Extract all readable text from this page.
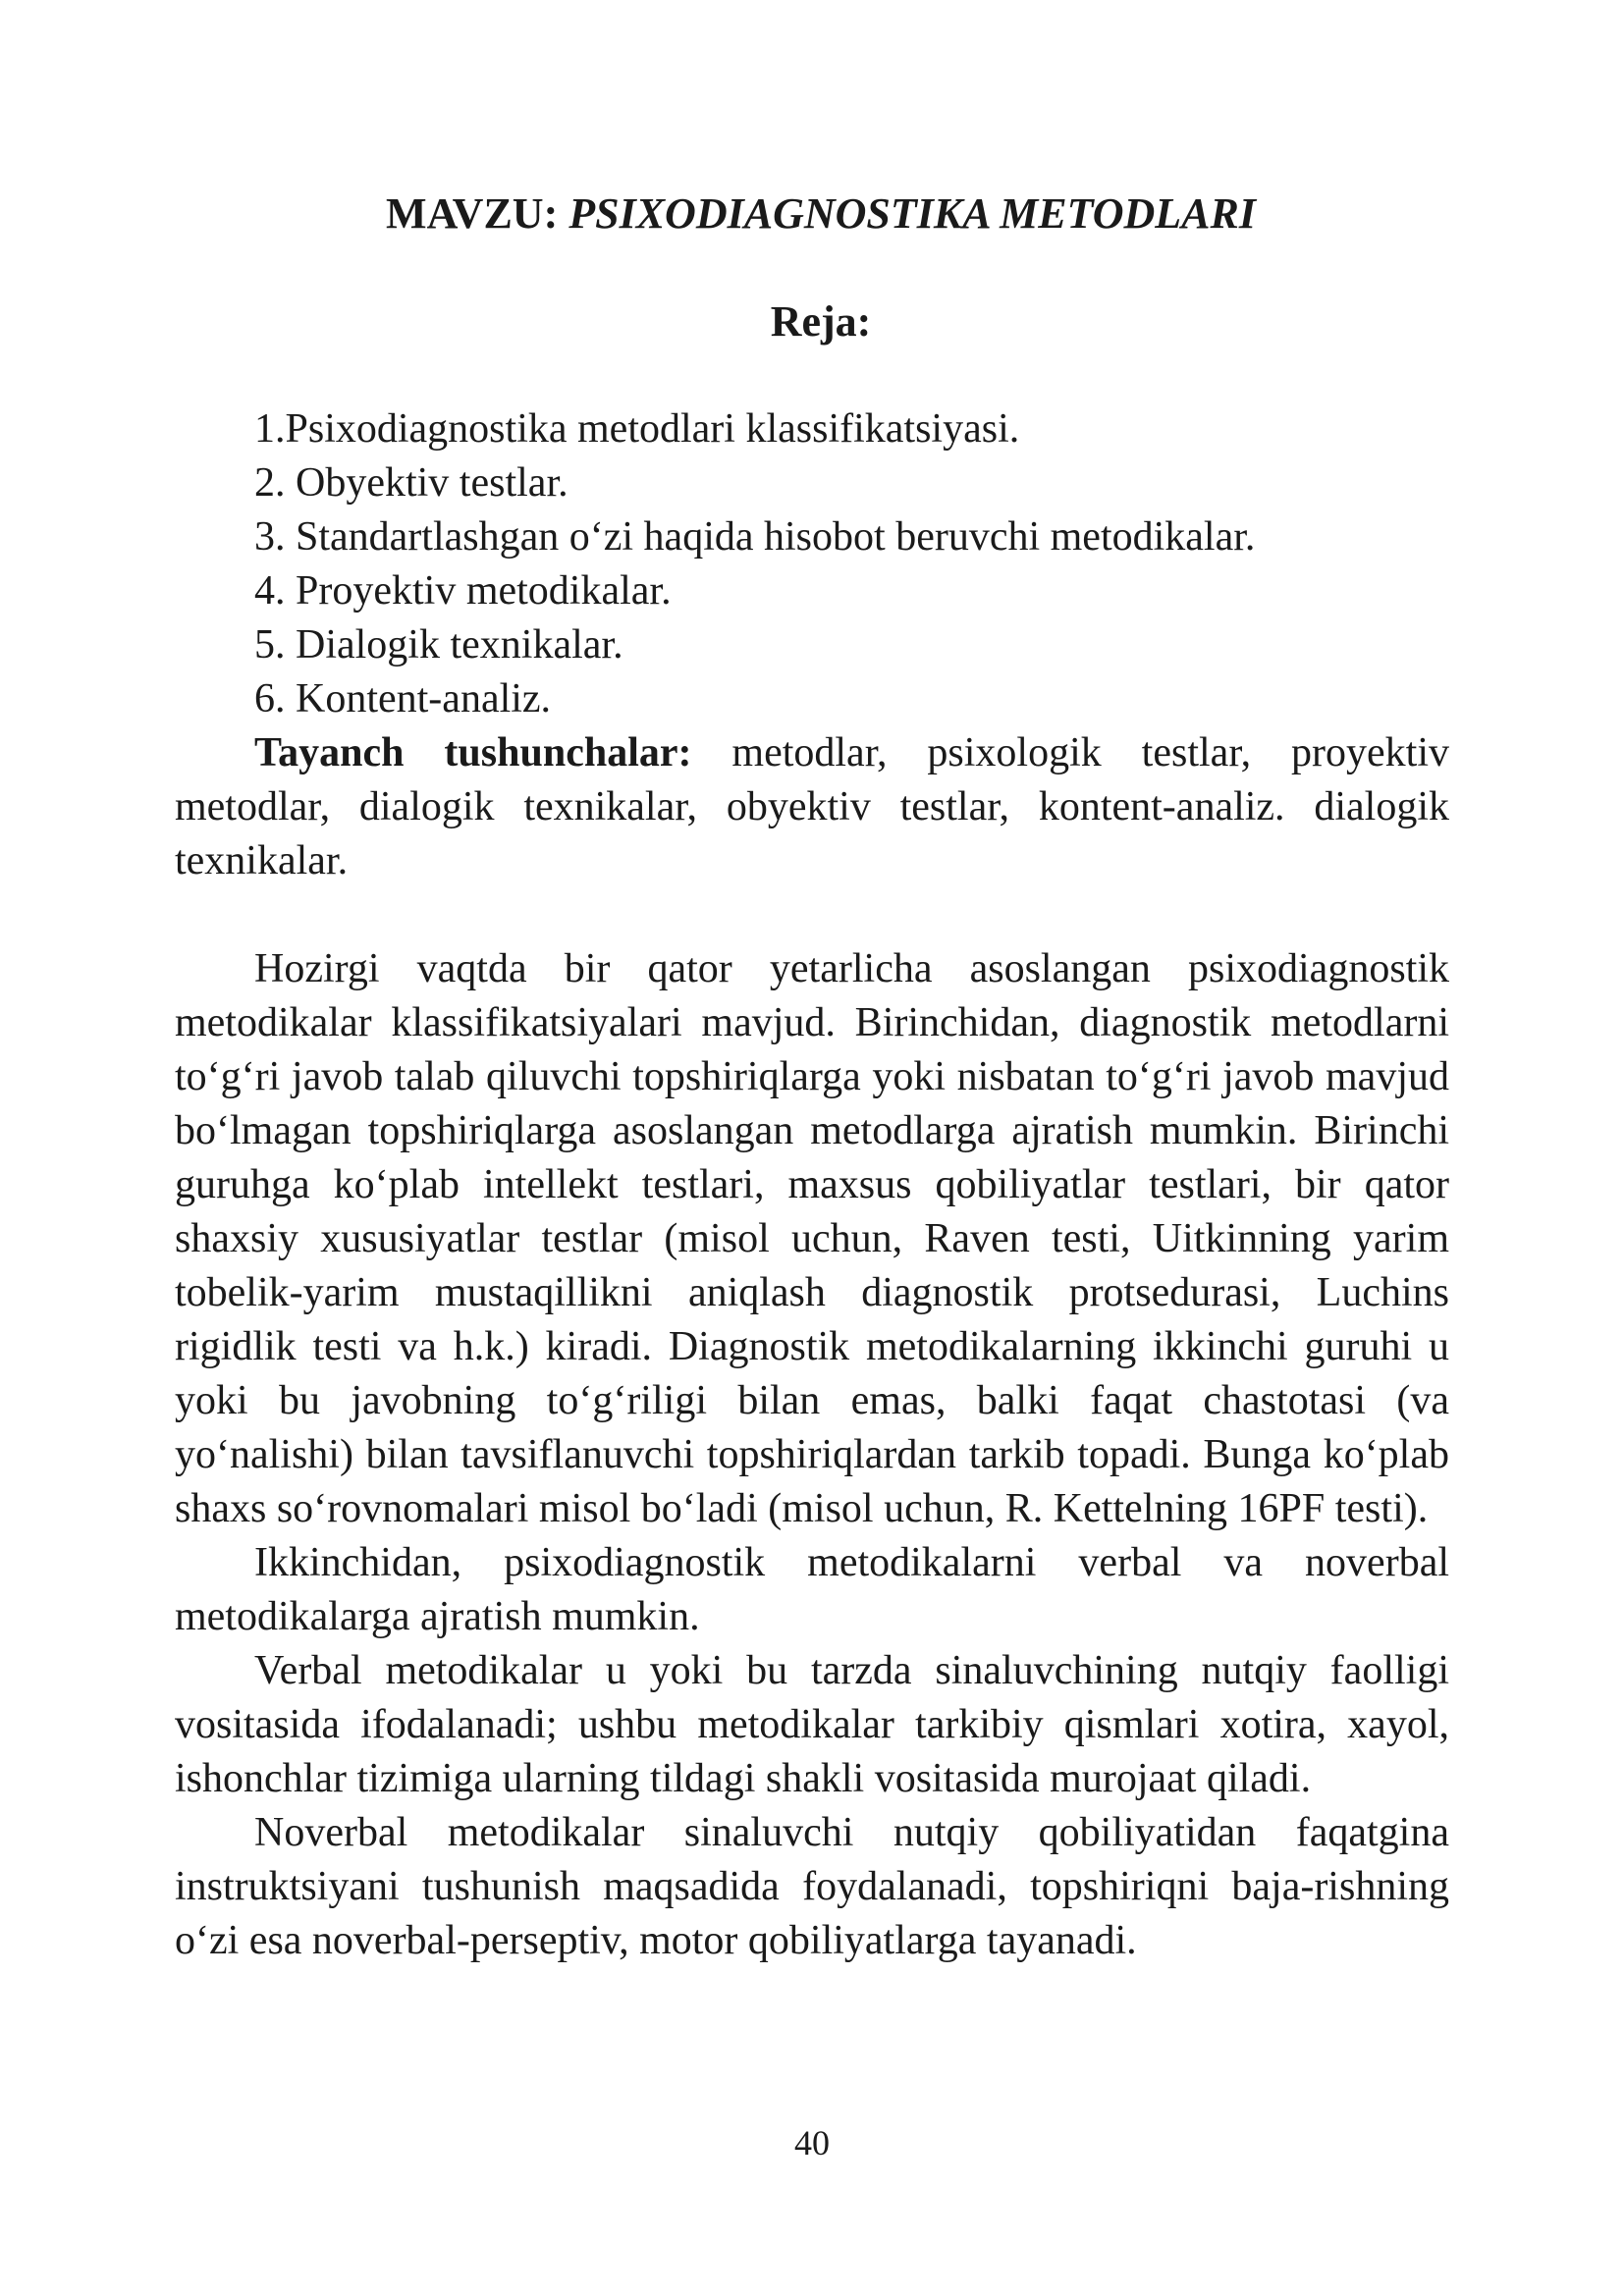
MAVZU: PSIXODIAGNOSTIKA METODLARI
Reja:
1.Psixodiagnostika metodlari klassifikatsiyasi.
2. Obyektiv testlar.
3. Standartlashgan o‘zi haqida hisobot beruvchi metodikalar.
4. Proyektiv metodikalar.
5. Dialogik texnikalar.
6. Kontent-analiz.

Tayanch tushunchalar: metodlar, psixologik testlar, proyektiv metodlar, dialogik texnikalar, obyektiv testlar, kontent-analiz. dialogik texnikalar.

Hozirgi vaqtda bir qator yetarlicha asoslangan psixodiagnostik metodikalar klassifikatsiyalari mavjud. Birinchidan, diagnostik metodlarni to‘g‘ri javob talab qiluvchi topshiriqlarga yoki nisbatan to‘g‘ri javob mavjud bo‘lmagan topshiriqlarga asoslangan metodlarga ajratish mumkin. Birinchi guruhga ko‘plab intellekt testlari, maxsus qobiliyatlar testlari, bir qator shaxsiy xususiyatlar testlar (misol uchun, Raven testi, Uitkinning yarim tobelik-yarim mustaqillikni aniqlash diagnostik protsedurasi, Luchins rigidlik testi va h.k.) kiradi. Diagnostik metodikalarning ikkinchi guruhi u yoki bu javobning to‘g‘riligi bilan emas, balki faqat chastotasi (va yo‘nalishi) bilan tavsiflanuvchi topshiriqlardan tarkib topadi. Bunga ko‘plab shaxs so‘rovnomalari misol bo‘ladi (misol uchun, R. Kettelning 16PF testi).

Ikkinchidan, psixodiagnostik metodikalarni verbal va noverbal metodikalarga ajratish mumkin.

Verbal metodikalar u yoki bu tarzda sinaluvchining nutqiy faolligi vositasida ifodalanadi; ushbu metodikalar tarkibiy qismlari xotira, xayol, ishonchlar tizimiga ularning tildagi shakli vositasida murojaat qiladi.

Noverbal metodikalar sinaluvchi nutqiy qobiliyatidan faqatgina instruktsiyani tushunish maqsadida foydalanadi, topshiriqni baja-rishning o‘zi esa noverbal-perseptiv, motor qobiliyatlarga tayanadi.

40
